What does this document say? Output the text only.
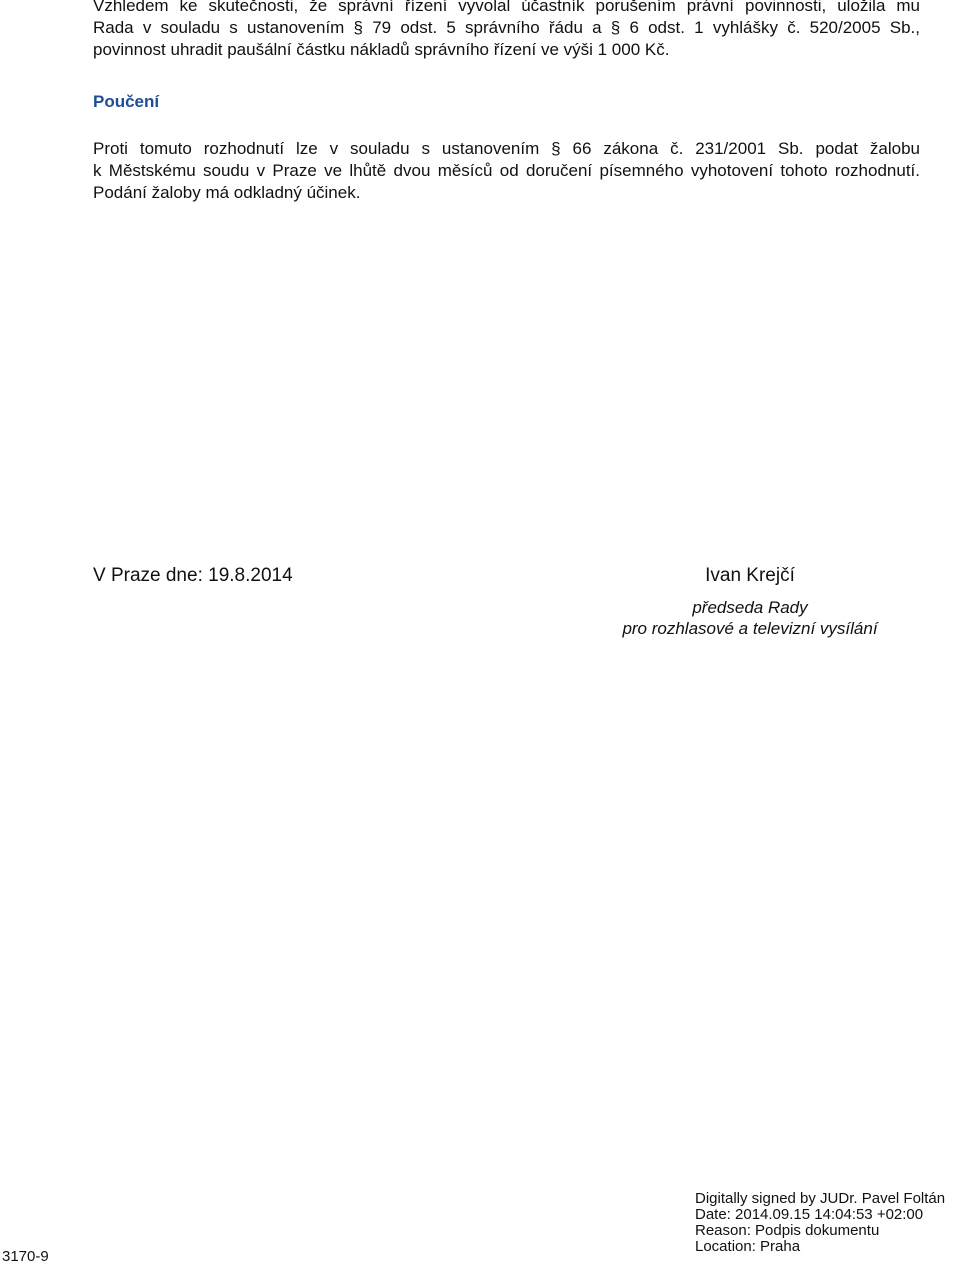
Vzhledem ke skutečnosti, že správní řízení vyvolal účastník porušením právní povinnosti, uložila mu
Rada v souladu s ustanovením § 79 odst. 5 správního řádu a § 6 odst. 1 vyhlášky č. 520/2005 Sb.,
povinnost uhradit paušální částku nákladů správního řízení ve výši 1 000 Kč.

Poučení

Proti tomuto rozhodnutí lze v souladu s ustanovením § 66 zákona č. 231/2001 Sb. podat žalobu
k Městskému soudu v Praze ve lhůtě dvou měsíců od doručení písemného vyhotovení tohoto rozhodnutí.
Podání žaloby má odkladný účinek.

V Praze dne: 19.8.2014	Ivan Krejčí

předseda Rady
pro rozhlasové a televizní vysílání

3170-9

Digitally signed by JUDr. Pavel Foltán
Date: 2014.09.15 14:04:53 +02:00
Reason: Podpis dokumentu
Location: Praha
